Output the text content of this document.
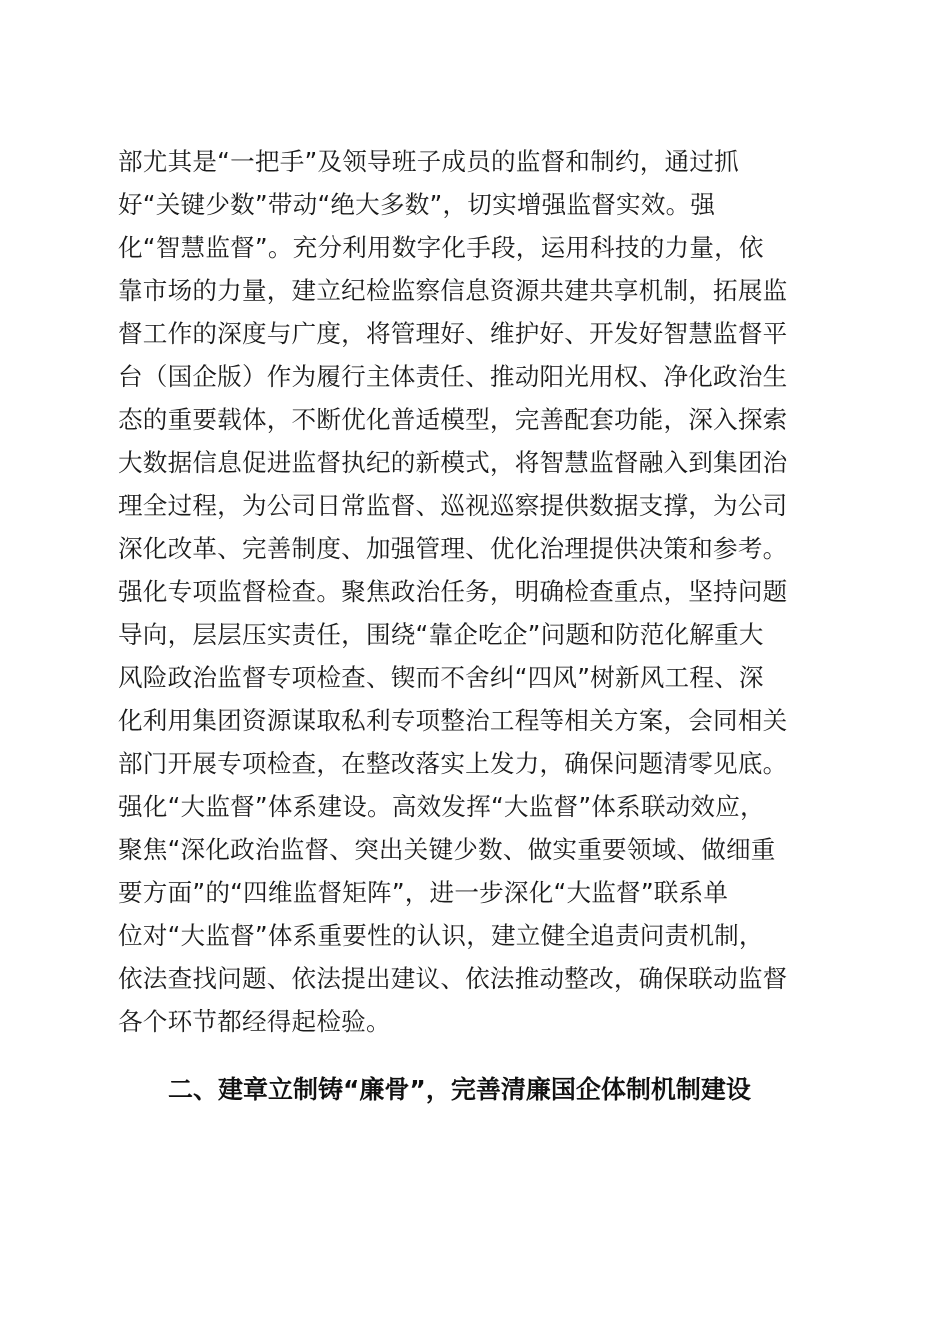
部尤其是“一把手”及领导班子成员的监督和制约，通过抓
好“关键少数”带动“绝大多数”，切实增强监督实效。强
化“智慧监督”。充分利用数字化手段，运用科技的力量，依
靠市场的力量，建立纪检监察信息资源共建共享机制，拓展监
督工作的深度与广度，将管理好、维护好、开发好智慧监督平
台（国企版）作为履行主体责任、推动阳光用权、净化政治生
态的重要载体，不断优化普适模型，完善配套功能，深入探索
大数据信息促进监督执纪的新模式，将智慧监督融入到集团治
理全过程，为公司日常监督、巡视巡察提供数据支撑，为公司
深化改革、完善制度、加强管理、优化治理提供决策和参考。
强化专项监督检查。聚焦政治任务，明确检查重点，坚持问题
导向，层层压实责任，围绕“靠企吃企”问题和防范化解重大
风险政治监督专项检查、锲而不舍纠“四风”树新风工程、深
化利用集团资源谋取私利专项整治工程等相关方案，会同相关
部门开展专项检查，在整改落实上发力，确保问题清零见底。
强化“大监督”体系建设。高效发挥“大监督”体系联动效应，
聚焦“深化政治监督、突出关键少数、做实重要领域、做细重
要方面”的“四维监督矩阵”，进一步深化“大监督”联系单
位对“大监督”体系重要性的认识，建立健全追责问责机制，
依法查找问题、依法提出建议、依法推动整改，确保联动监督
各个环节都经得起检验。
二、建章立制铸“廉骨”，完善清廉国企体制机制建设
